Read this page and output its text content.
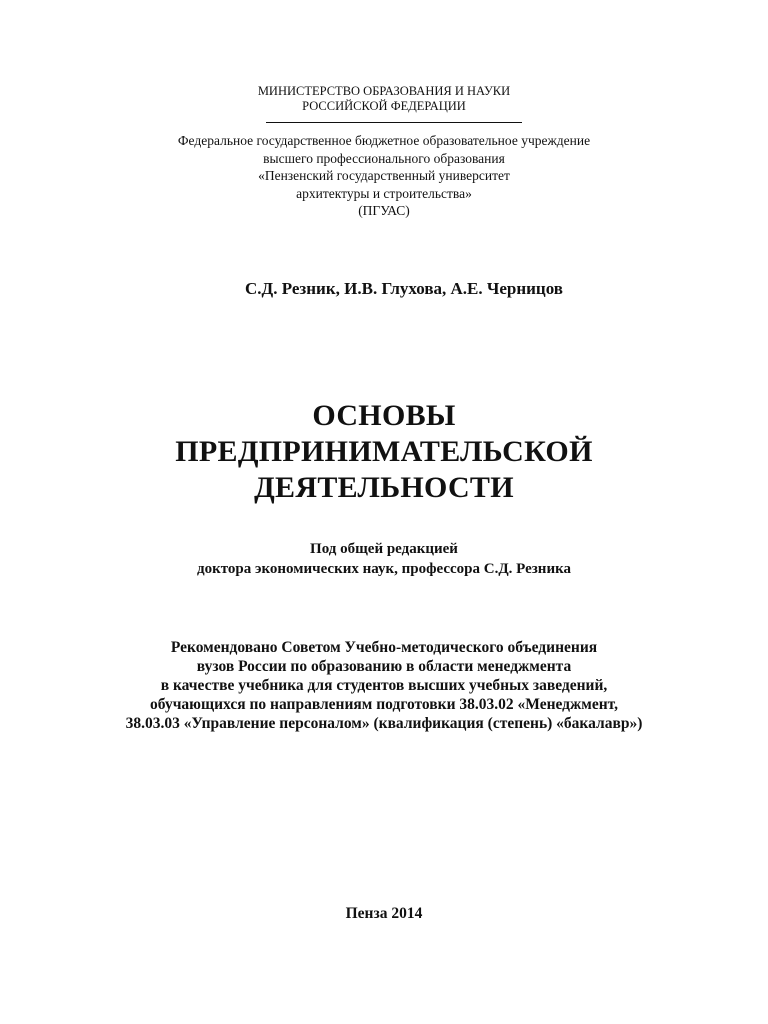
МИНИСТЕРСТВО ОБРАЗОВАНИЯ И НАУКИ
РОССИЙСКОЙ ФЕДЕРАЦИИ
Федеральное государственное бюджетное образовательное учреждение
высшего профессионального образования
«Пензенский государственный университет
архитектуры и строительства»
(ПГУАС)
С.Д. Резник, И.В. Глухова, А.Е. Черницов
ОСНОВЫ
ПРЕДПРИНИМАТЕЛЬСКОЙ
ДЕЯТЕЛЬНОСТИ
Под общей редакцией
доктора экономических наук, профессора С.Д. Резника
Рекомендовано Советом Учебно-методического объединения
вузов России по образованию в области менеджмента
в качестве учебника для студентов высших учебных заведений,
обучающихся по направлениям подготовки 38.03.02 «Менеджмент,
38.03.03 «Управление персоналом» (квалификация (степень) «бакалавр»)
Пенза 2014
